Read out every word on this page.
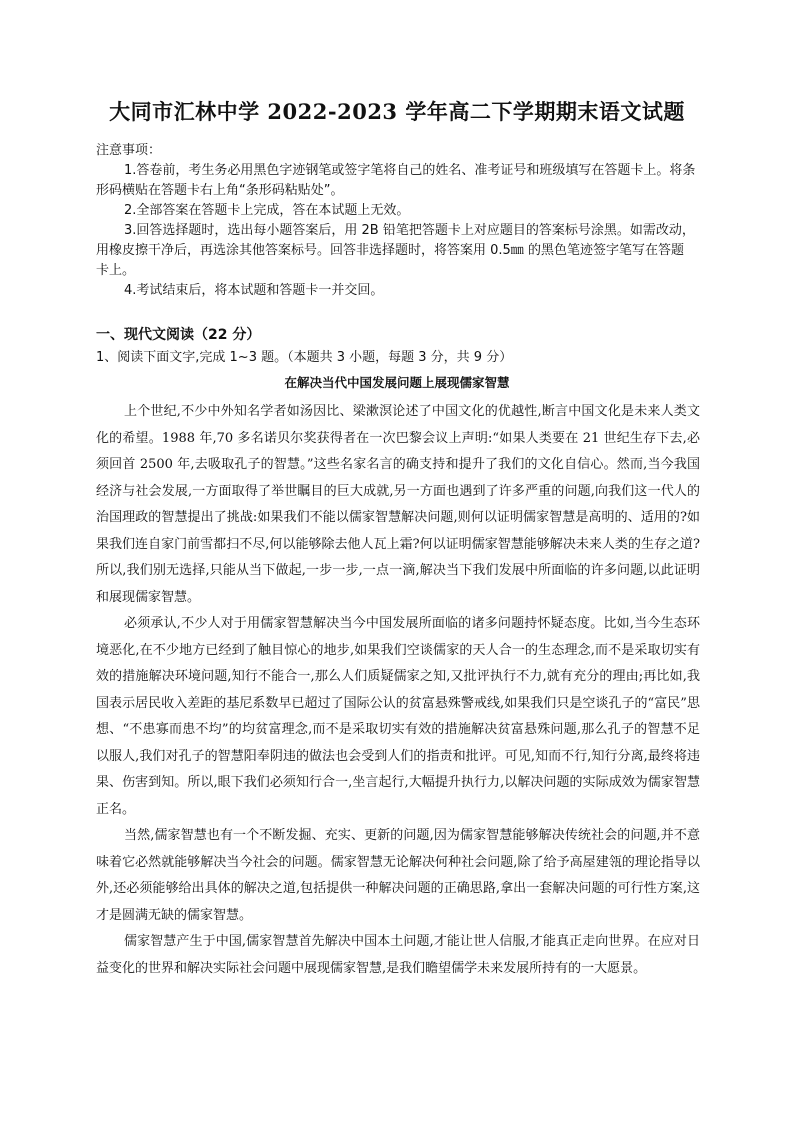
大同市汇林中学 2022-2023 学年高二下学期期末语文试题

注意事项：

1.答卷前，考生务必用黑色字迹钢笔或签字笔将自己的姓名、准考证号和班级填写在答题卡上。将条形码横贴在答题卡右上角“条形码粘贴处”。

2.全部答案在答题卡上完成，答在本试题上无效。

3.回答选择题时，选出每小题答案后，用 2B 铅笔把答题卡上对应题目的答案标号涂黑。如需改动，用橡皮擦干净后，再选涂其他答案标号。回答非选择题时，将答案用 0.5㎜ 的黑色笔迹签字笔写在答题卡上。

4.考试结束后，将本试题和答题卡一并交回。

一、现代文阅读（22 分）
1、阅读下面文字,完成 1~3 题。（本题共 3 小题，每题 3 分，共 9 分）
在解决当代中国发展问题上展现儒家智慧

上个世纪,不少中外知名学者如汤因比、梁漱溟论述了中国文化的优越性,断言中国文化是未来人类文化的希望。1988 年,70 多名诺贝尔奖获得者在一次巴黎会议上声明:“如果人类要在 21 世纪生存下去,必须回首 2500 年,去吸取孔子的智慧。”这些名家名言的确支持和提升了我们的文化自信心。然而,当今我国经济与社会发展,一方面取得了举世瞩目的巨大成就,另一方面也遇到了许多严重的问题,向我们这一代人的治国理政的智慧提出了挑战:如果我们不能以儒家智慧解决问题,则何以证明儒家智慧是高明的、适用的?如果我们连自家门前雪都扫不尽,何以能够除去他人瓦上霜?何以证明儒家智慧能够解决未来人类的生存之道?所以,我们别无选择,只能从当下做起,一步一步,一点一滴,解决当下我们发展中所面临的许多问题,以此证明和展现儒家智慧。

必须承认,不少人对于用儒家智慧解决当今中国发展所面临的诸多问题持怀疑态度。比如,当今生态环境恶化,在不少地方已经到了触目惊心的地步,如果我们空谈儒家的天人合一的生态理念,而不是采取切实有效的措施解决环境问题,知行不能合一,那么人们质疑儒家之知,又批评执行不力,就有充分的理由;再比如,我国表示居民收入差距的基尼系数早已超过了国际公认的贫富悬殊警戒线,如果我们只是空谈孔子的“富民”思想、“不患寡而患不均”的均贫富理念,而不是采取切实有效的措施解决贫富悬殊问题,那么孔子的智慧不足以服人,我们对孔子的智慧阳奉阴违的做法也会受到人们的指责和批评。可见,知而不行,知行分离,最终将违果、伤害到知。所以,眼下我们必须知行合一,坐言起行,大幅提升执行力,以解决问题的实际成效为儒家智慧正名。

当然,儒家智慧也有一个不断发掘、充实、更新的问题,因为儒家智慧能够解决传统社会的问题,并不意味着它必然就能够解决当今社会的问题。儒家智慧无论解决何种社会问题,除了给予高屋建瓴的理论指导以外,还必须能够给出具体的解决之道,包括提供一种解决问题的正确思路,拿出一套解决问题的可行性方案,这才是圆满无缺的儒家智慧。

儒家智慧产生于中国,儒家智慧首先解决中国本土问题,才能让世人信服,才能真正走向世界。在应对日益变化的世界和解决实际社会问题中展现儒家智慧,是我们瞻望儒学未来发展所持有的一大愿景。
